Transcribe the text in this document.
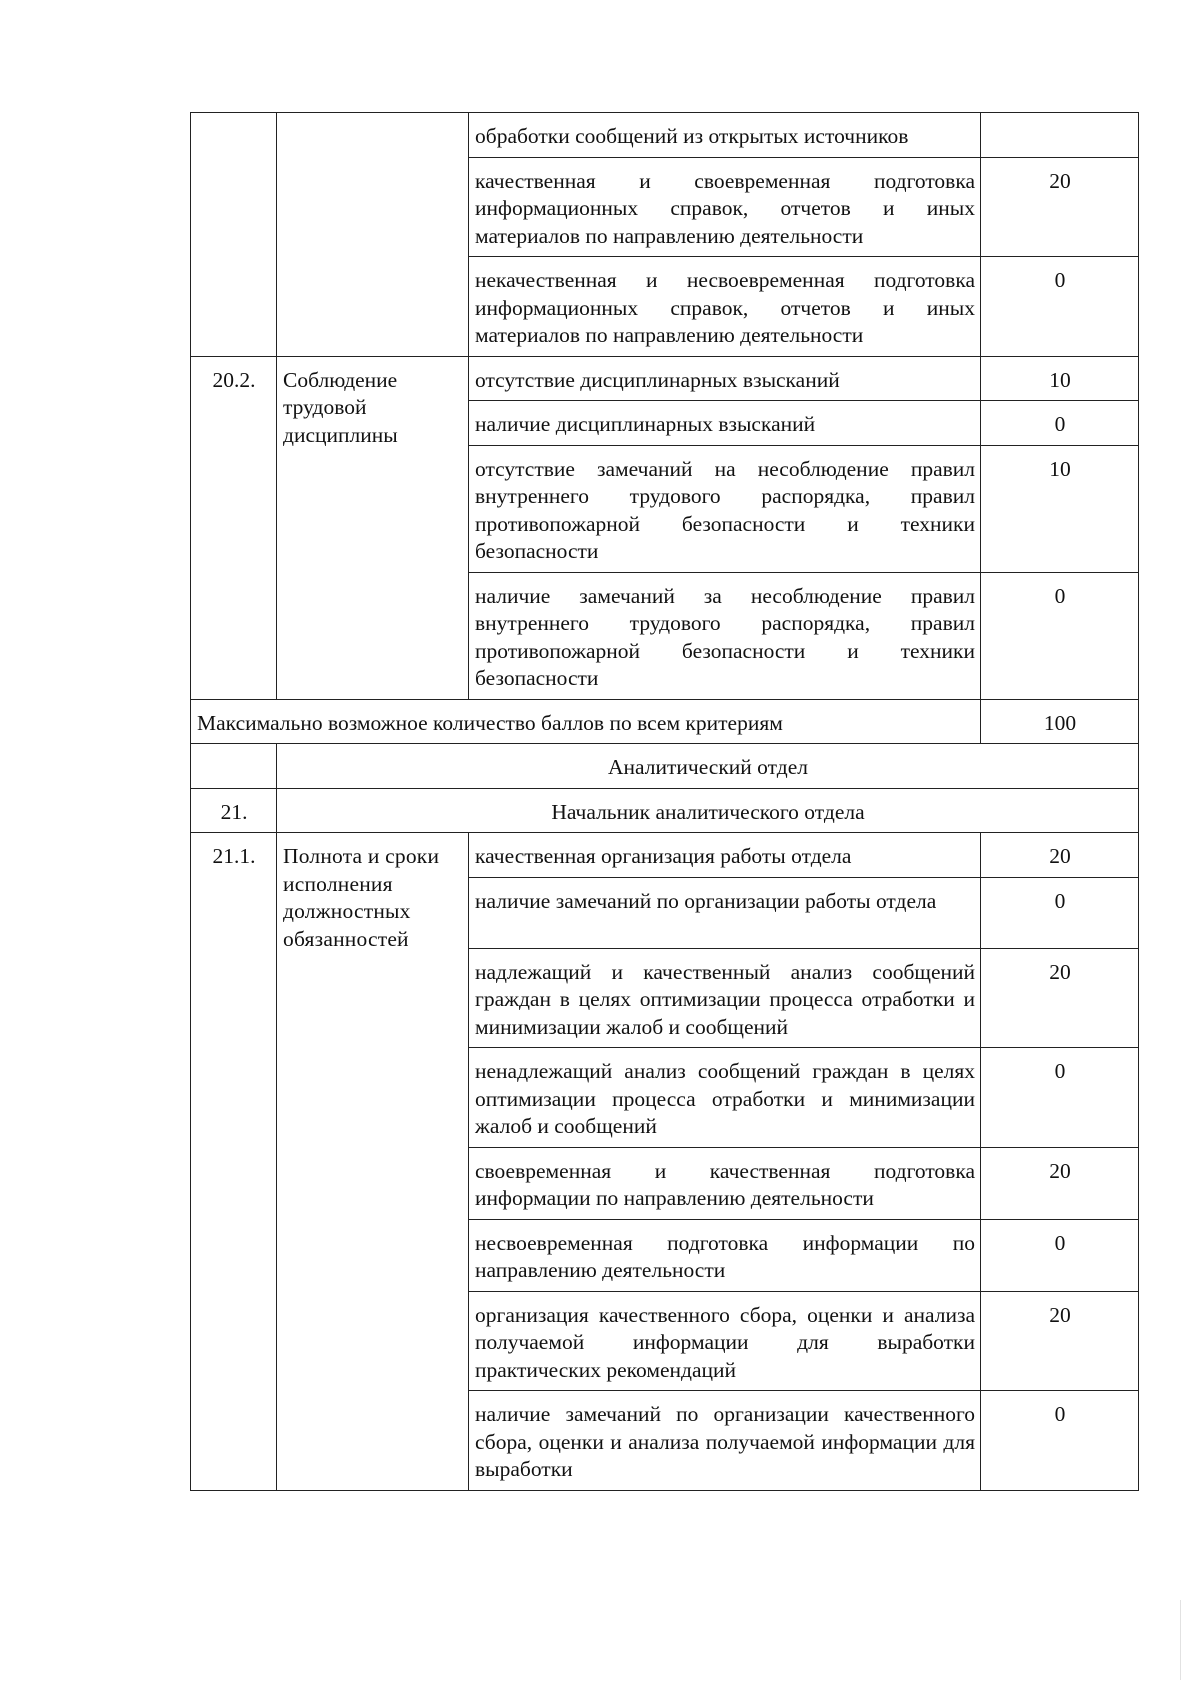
		обработки сообщений из открытых источников	
		качественная и своевременная подготовка информационных справок, отчетов и иных материалов по направлению деятельности	20
		некачественная и несвоевременная подготовка информационных справок, отчетов и иных материалов по направлению деятельности	0
20.2.	Соблюдение трудовой дисциплины	отсутствие дисциплинарных взысканий	10
		наличие дисциплинарных взысканий	0
		отсутствие замечаний на несоблюдение правил внутреннего трудового распорядка, правил противопожарной безопасности и техники безопасности	10
		наличие замечаний за несоблюдение правил внутреннего трудового распорядка, правил противопожарной безопасности и техники безопасности	0
Максимально возможное количество баллов по всем критериям			100
	Аналитический отдел		
21.	Начальник аналитического отдела		
21.1.	Полнота и сроки исполнения должностных обязанностей	качественная организация работы отдела	20
		наличие замечаний по организации работы отдела	0
		надлежащий и качественный анализ сообщений граждан в целях оптимизации процесса отработки и минимизации жалоб и сообщений	20
		ненадлежащий анализ сообщений граждан в целях оптимизации процесса отработки и минимизации жалоб и сообщений	0
		своевременная и качественная подготовка информации по направлению деятельности	20
		несвоевременная подготовка информации по направлению деятельности	0
		организация качественного сбора, оценки и анализа получаемой информации для выработки практических рекомендаций	20
		наличие замечаний по организации качественного сбора, оценки и анализа получаемой информации для выработки	0
